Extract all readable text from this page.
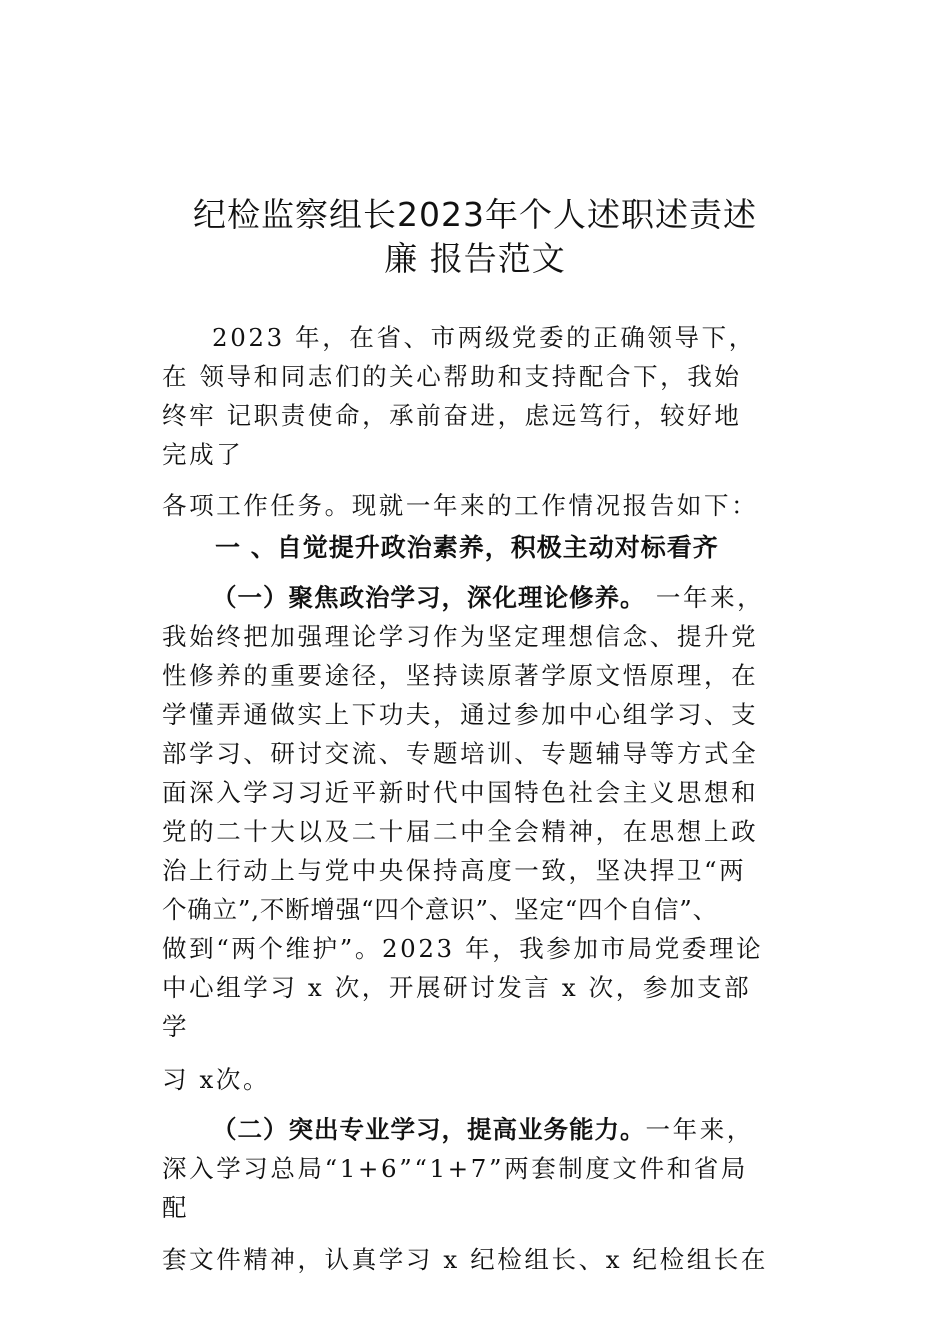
纪检监察组长2023年个人述职述责述
廉 报告范文
2023 年，在省、市两级党委的正确领导下，
在 领导和同志们的关心帮助和支持配合下，我始
终牢 记职责使命，承前奋进，虑远笃行，较好地
完成了
各项工作任务。现就一年来的工作情况报告如下：
一 、自觉提升政治素养，积极主动对标看齐
（一）聚焦政治学习，深化理论修养。 一年来，
我始终把加强理论学习作为坚定理想信念、提升党
性修养的重要途径，坚持读原著学原文悟原理，在
学懂弄通做实上下功夫，通过参加中心组学习、支
部学习、研讨交流、专题培训、专题辅导等方式全
面深入学习习近平新时代中国特色社会主义思想和
党的二十大以及二十届二中全会精神，在思想上政
治上行动上与党中央保持高度一致，坚决捍卫“两
个确立”,不断增强“四个意识”、坚定“四个自信”、
做到“两个维护”。2023 年，我参加市局党委理论
中心组学习 x 次，开展研讨发言 x 次，参加支部
学
习 x次。
（二）突出专业学习，提高业务能力。一年来，
深入学习总局“1+6”“1+7”两套制度文件和省局
配
套文件精神，认真学习 x 纪检组长、x 纪检组长在
